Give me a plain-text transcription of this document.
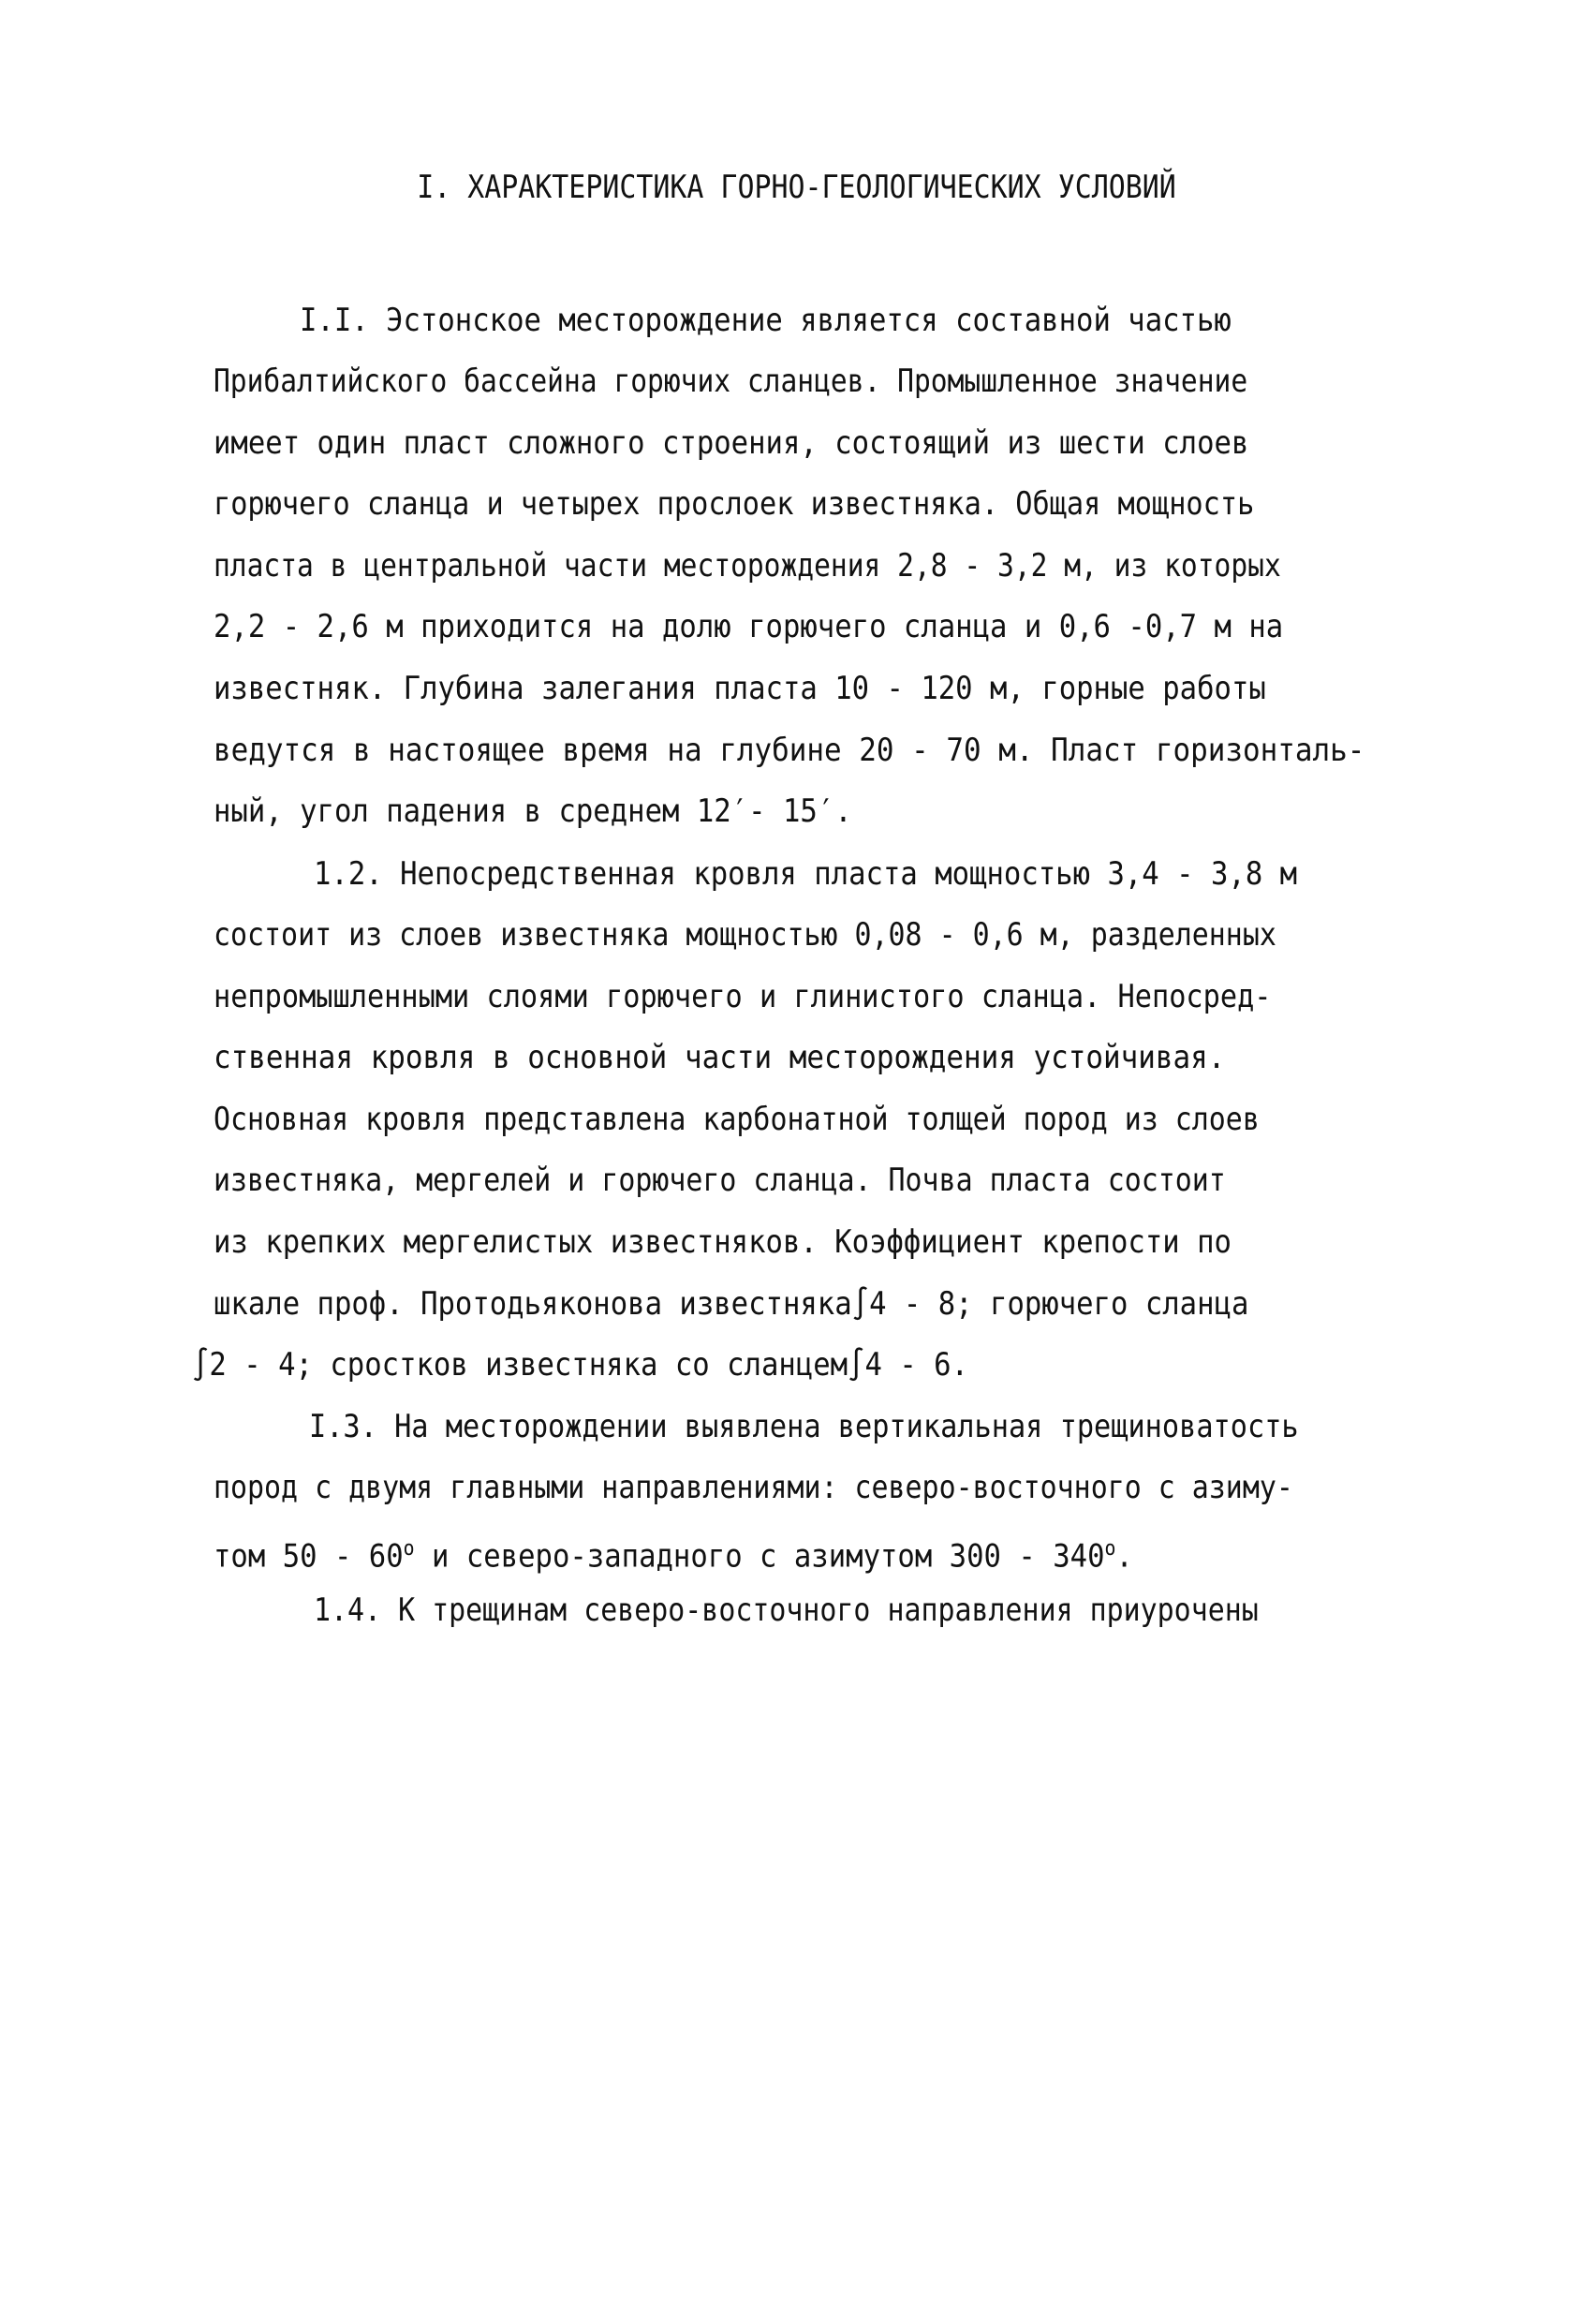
I. ХАРАКТЕРИСТИКА ГОРНО-ГЕОЛОГИЧЕСКИХ УСЛОВИЙ
I.I. Эстонское месторождение является составной частью
Прибалтийского бассейна горючих сланцев. Промышленное значение
имеет один пласт сложного строения, состоящий из шести слоев
горючего сланца и четырех прослоек известняка. Общая мощность
пласта в центральной части месторождения 2,8 - 3,2 м, из которых
2,2 - 2,6 м приходится на долю горючего сланца и 0,6 -0,7 м на
известняк. Глубина залегания пласта 10 - 120 м, горные работы
ведутся в настоящее время на глубине 20 - 70 м. Пласт горизонталь-
ный, угол падения в среднем 12′- 15′.
1.2. Непосредственная кровля пласта мощностью 3,4 - 3,8 м
состоит из слоев известняка мощностью 0,08 - 0,6 м, разделенных
непромышленными слоями горючего и глинистого сланца. Непосред-
ственная кровля в основной части месторождения устойчивая.
Основная кровля представлена карбонатной толщей пород из слоев
известняка, мергелей и горючего сланца. Почва пласта состоит
из крепких мергелистых известняков. Коэффициент крепости по
шкале проф. Протодьяконова известняка∫4 - 8; горючего сланца
∫2 - 4; сростков известняка со сланцем∫4 - 6.
I.3. На месторождении выявлена вертикальная трещиноватость
пород с двумя главными направлениями: северо-восточного с азиму-
том $50 - 60^о$ и северо-западного с азимутом $300 - 340^о$.
1.4. К трещинам северо-восточного направления приурочены
